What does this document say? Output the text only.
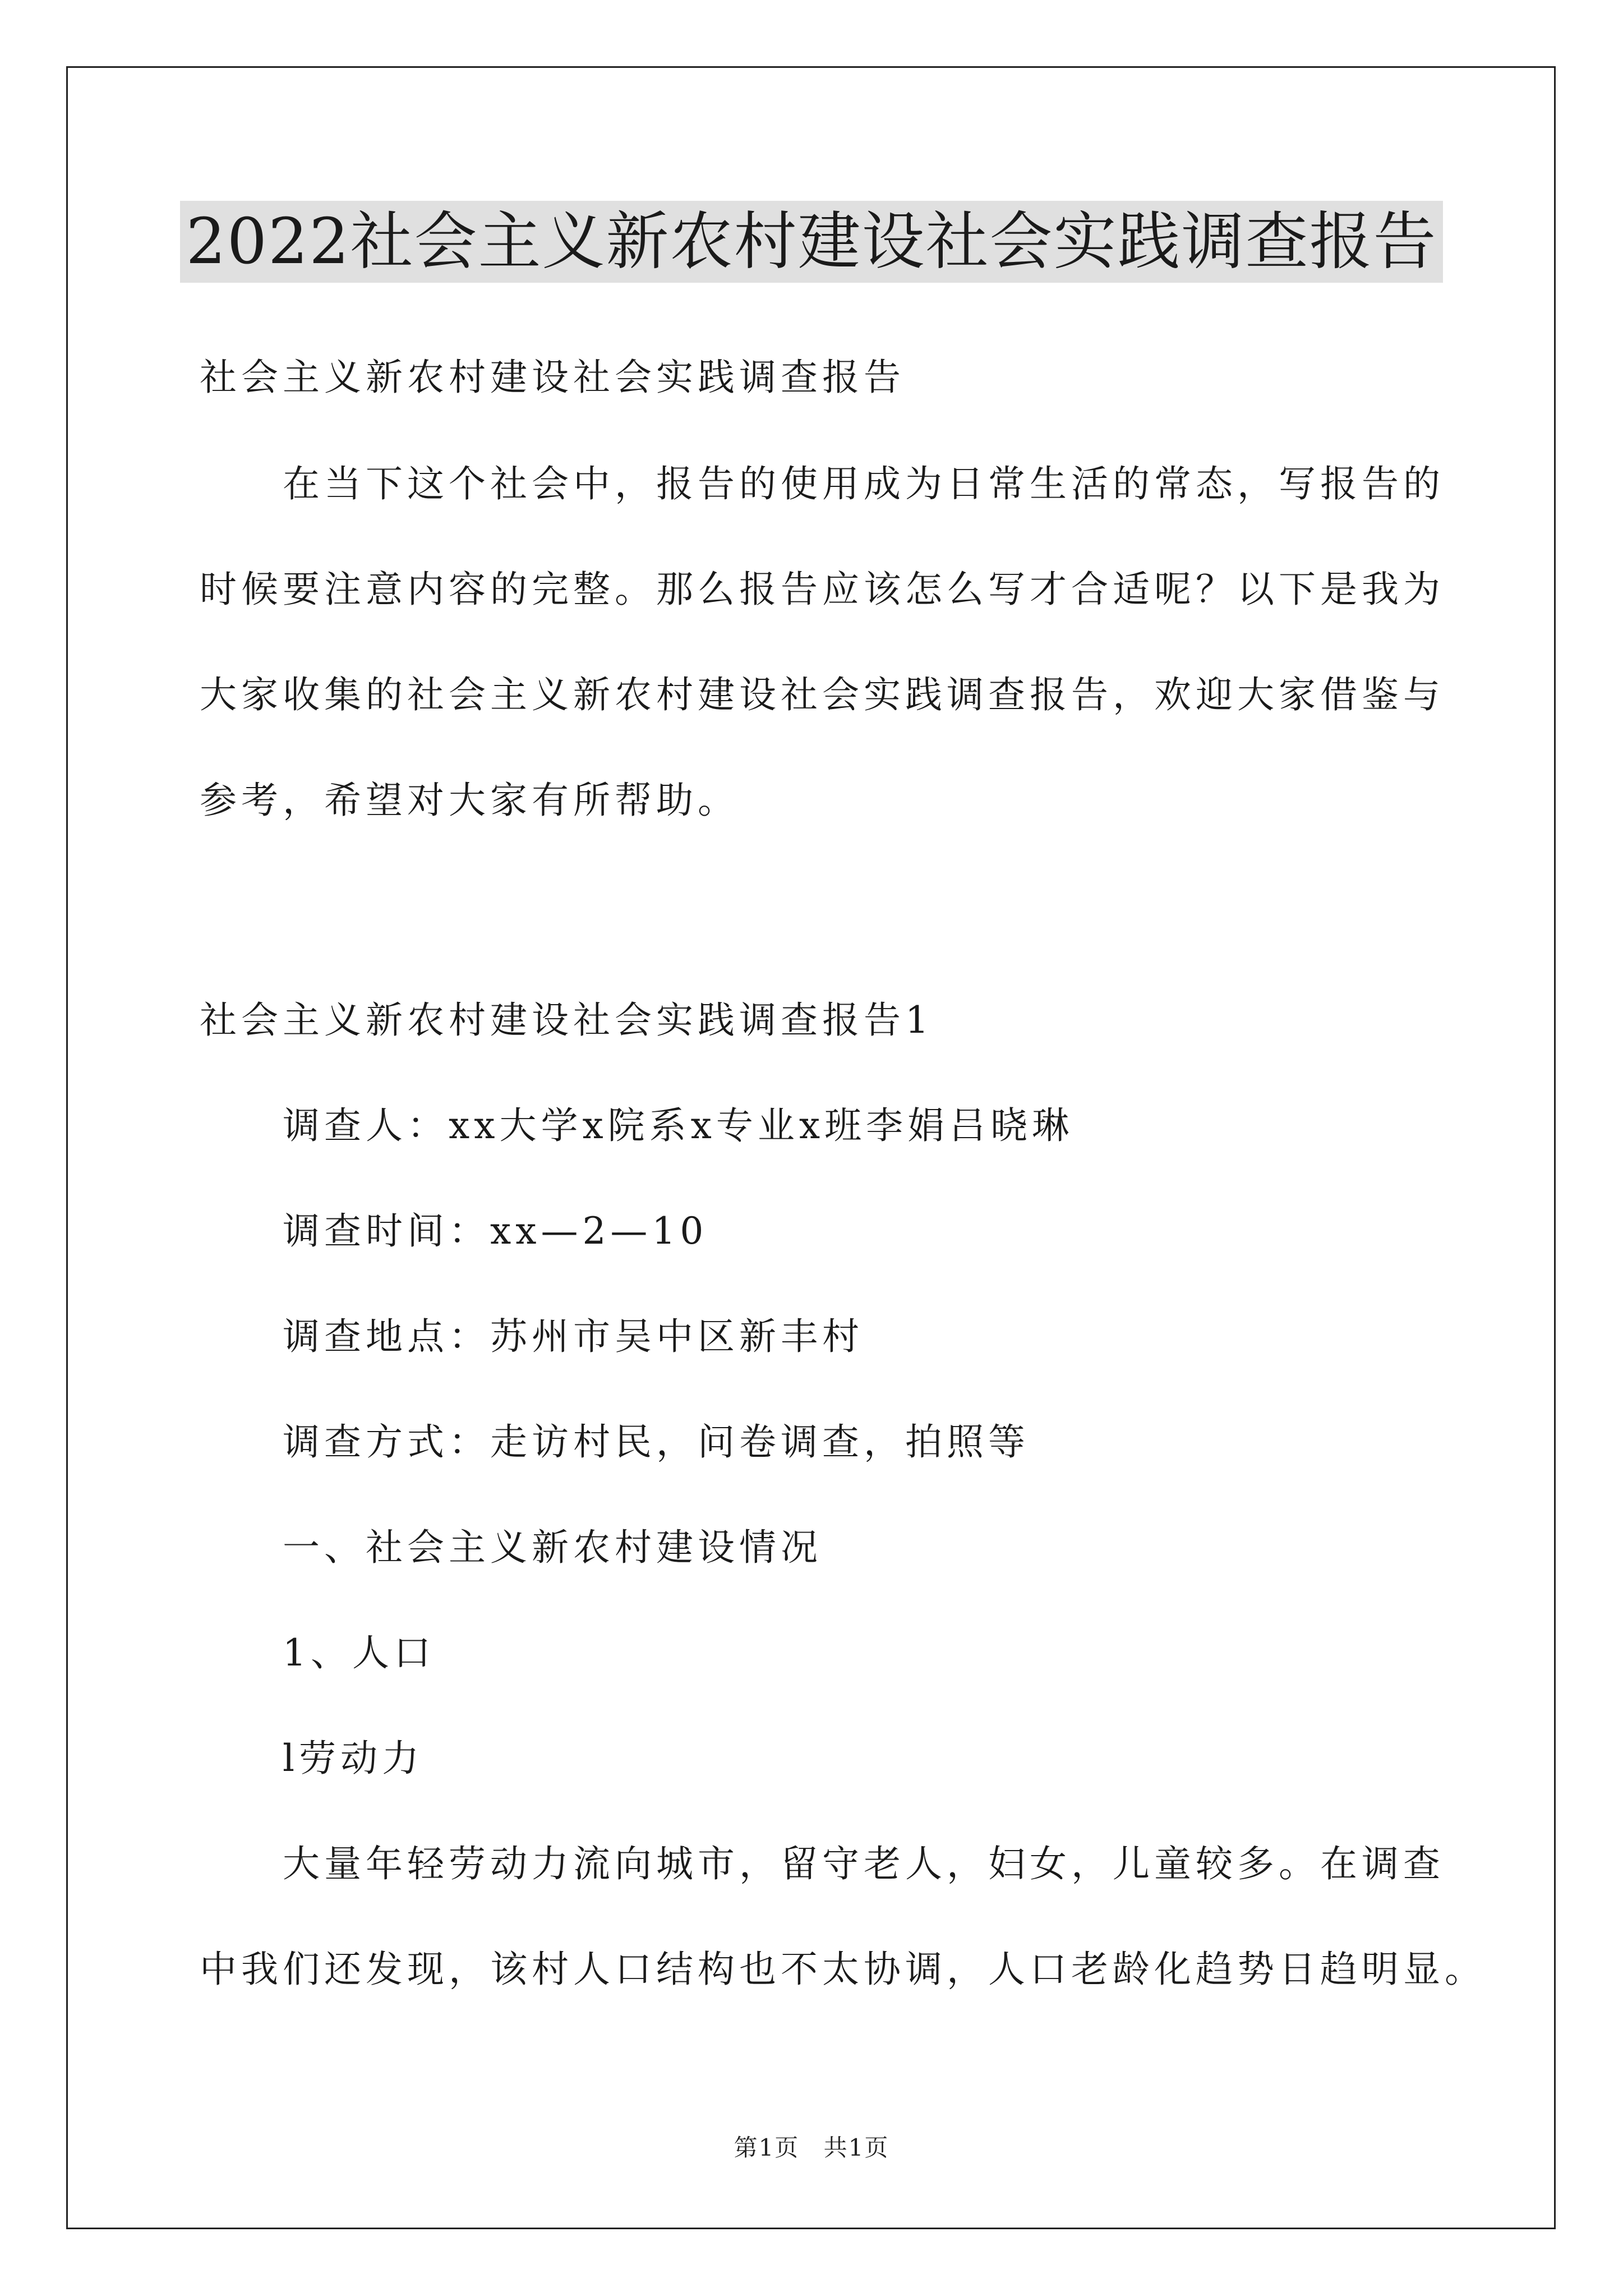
2022社会主义新农村建设社会实践调查报告
社会主义新农村建设社会实践调查报告
在当下这个社会中，报告的使用成为日常生活的常态，写报告的
时候要注意内容的完整。那么报告应该怎么写才合适呢？以下是我为
大家收集的社会主义新农村建设社会实践调查报告，欢迎大家借鉴与
参考，希望对大家有所帮助。
社会主义新农村建设社会实践调查报告1
调查人：xx大学x院系x专业x班李娟吕晓琳
调查时间：xx—2—10
调查地点：苏州市吴中区新丰村
调查方式：走访村民，问卷调查，拍照等
一、社会主义新农村建设情况
1、人口
l劳动力
大量年轻劳动力流向城市，留守老人，妇女，儿童较多。在调查
中我们还发现，该村人口结构也不太协调，人口老龄化趋势日趋明显。
第1页 共1页
